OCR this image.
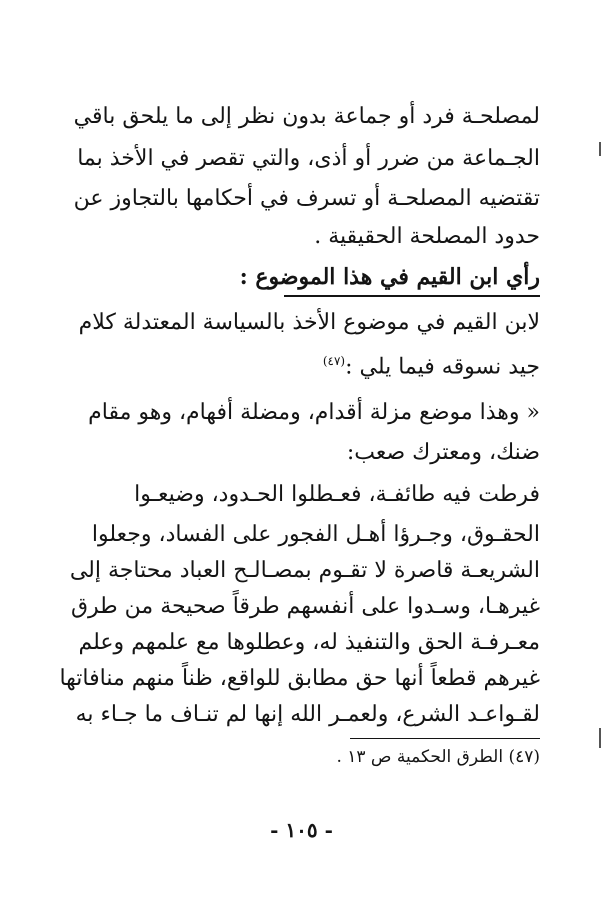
لمصلحـة فرد أو جماعة بدون نظر إلى ما يلحق باقي
الجـماعة من ضرر أو أذى، والتي تقصر في الأخذ بما
تقتضيه المصلحـة أو تسرف في أحكامها بالتجاوز عن
حدود المصلحة الحقيقية .
رأي ابن القيم في هذا الموضوع :
لابن القيم في موضوع الأخذ بالسياسة المعتدلة كلام
جيد نسوقه فيما يلي :$^{(٤٧)}$
« وهذا موضع مزلة أقدام، ومضلة أفهام، وهو مقام
ضنك، ومعترك صعب:
فرطت فيه طائفـة، فعـطلوا الحـدود، وضيعـوا
الحقـوق، وجـرؤا أهـل الفجور على الفساد، وجعلوا
الشريعـة قاصرة لا تقـوم بمصـالـح العباد محتاجة إلى
غيرهـا، وسـدوا على أنفسهم طرقاً صحيحة من طرق
معـرفـة الحق والتنفيذ له، وعطلوها مع علمهم وعلم
غيرهم قطعاً أنها حق مطابق للواقع، ظناً منهم منافاتها
لقـواعـد الشرع، ولعمـر الله إنها لم تنـاف ما جـاء به
(٤٧) الطرق الحكمية ص ١٣ .
- ١٠٥ -
